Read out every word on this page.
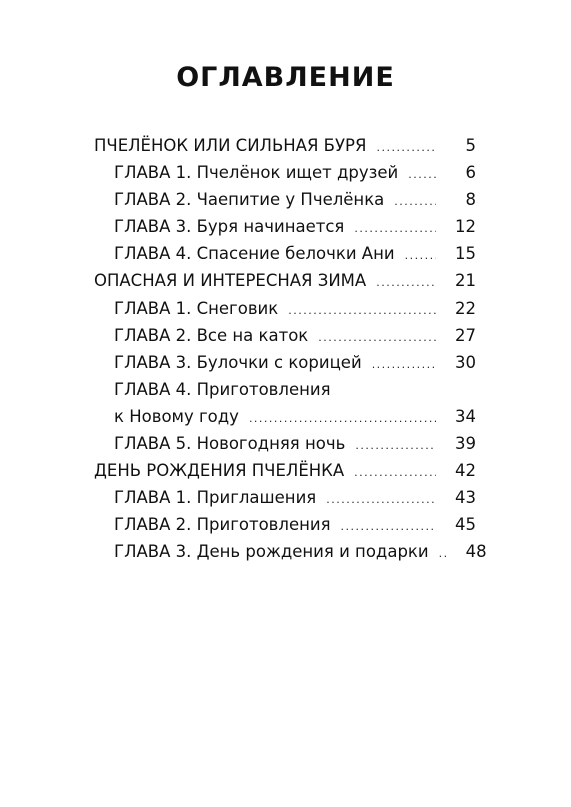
ОГЛАВЛЕНИЕ
ПЧЕЛЁНОК ИЛИ СИЛЬНАЯ БУРЯ .....	5
ГЛАВА 1. Пчелёнок ищет друзей .....	6
ГЛАВА 2. Чаепитие у Пчелёнка .....	8
ГЛАВА 3. Буря начинается .....	12
ГЛАВА 4. Спасение белочки Ани .....	15
ОПАСНАЯ И ИНТЕРЕСНАЯ ЗИМА .....	21
ГЛАВА 1. Снеговик .....	22
ГЛАВА 2. Все на каток .....	27
ГЛАВА 3. Булочки с корицей .....	30
ГЛАВА 4. Приготовления
к Новому году .....	34
ГЛАВА 5. Новогодняя ночь .....	39
ДЕНЬ РОЖДЕНИЯ ПЧЕЛЁНКА .....	42
ГЛАВА 1. Приглашения .....	43
ГЛАВА 2. Приготовления .....	45
ГЛАВА 3. День рождения и подарки .....	48
